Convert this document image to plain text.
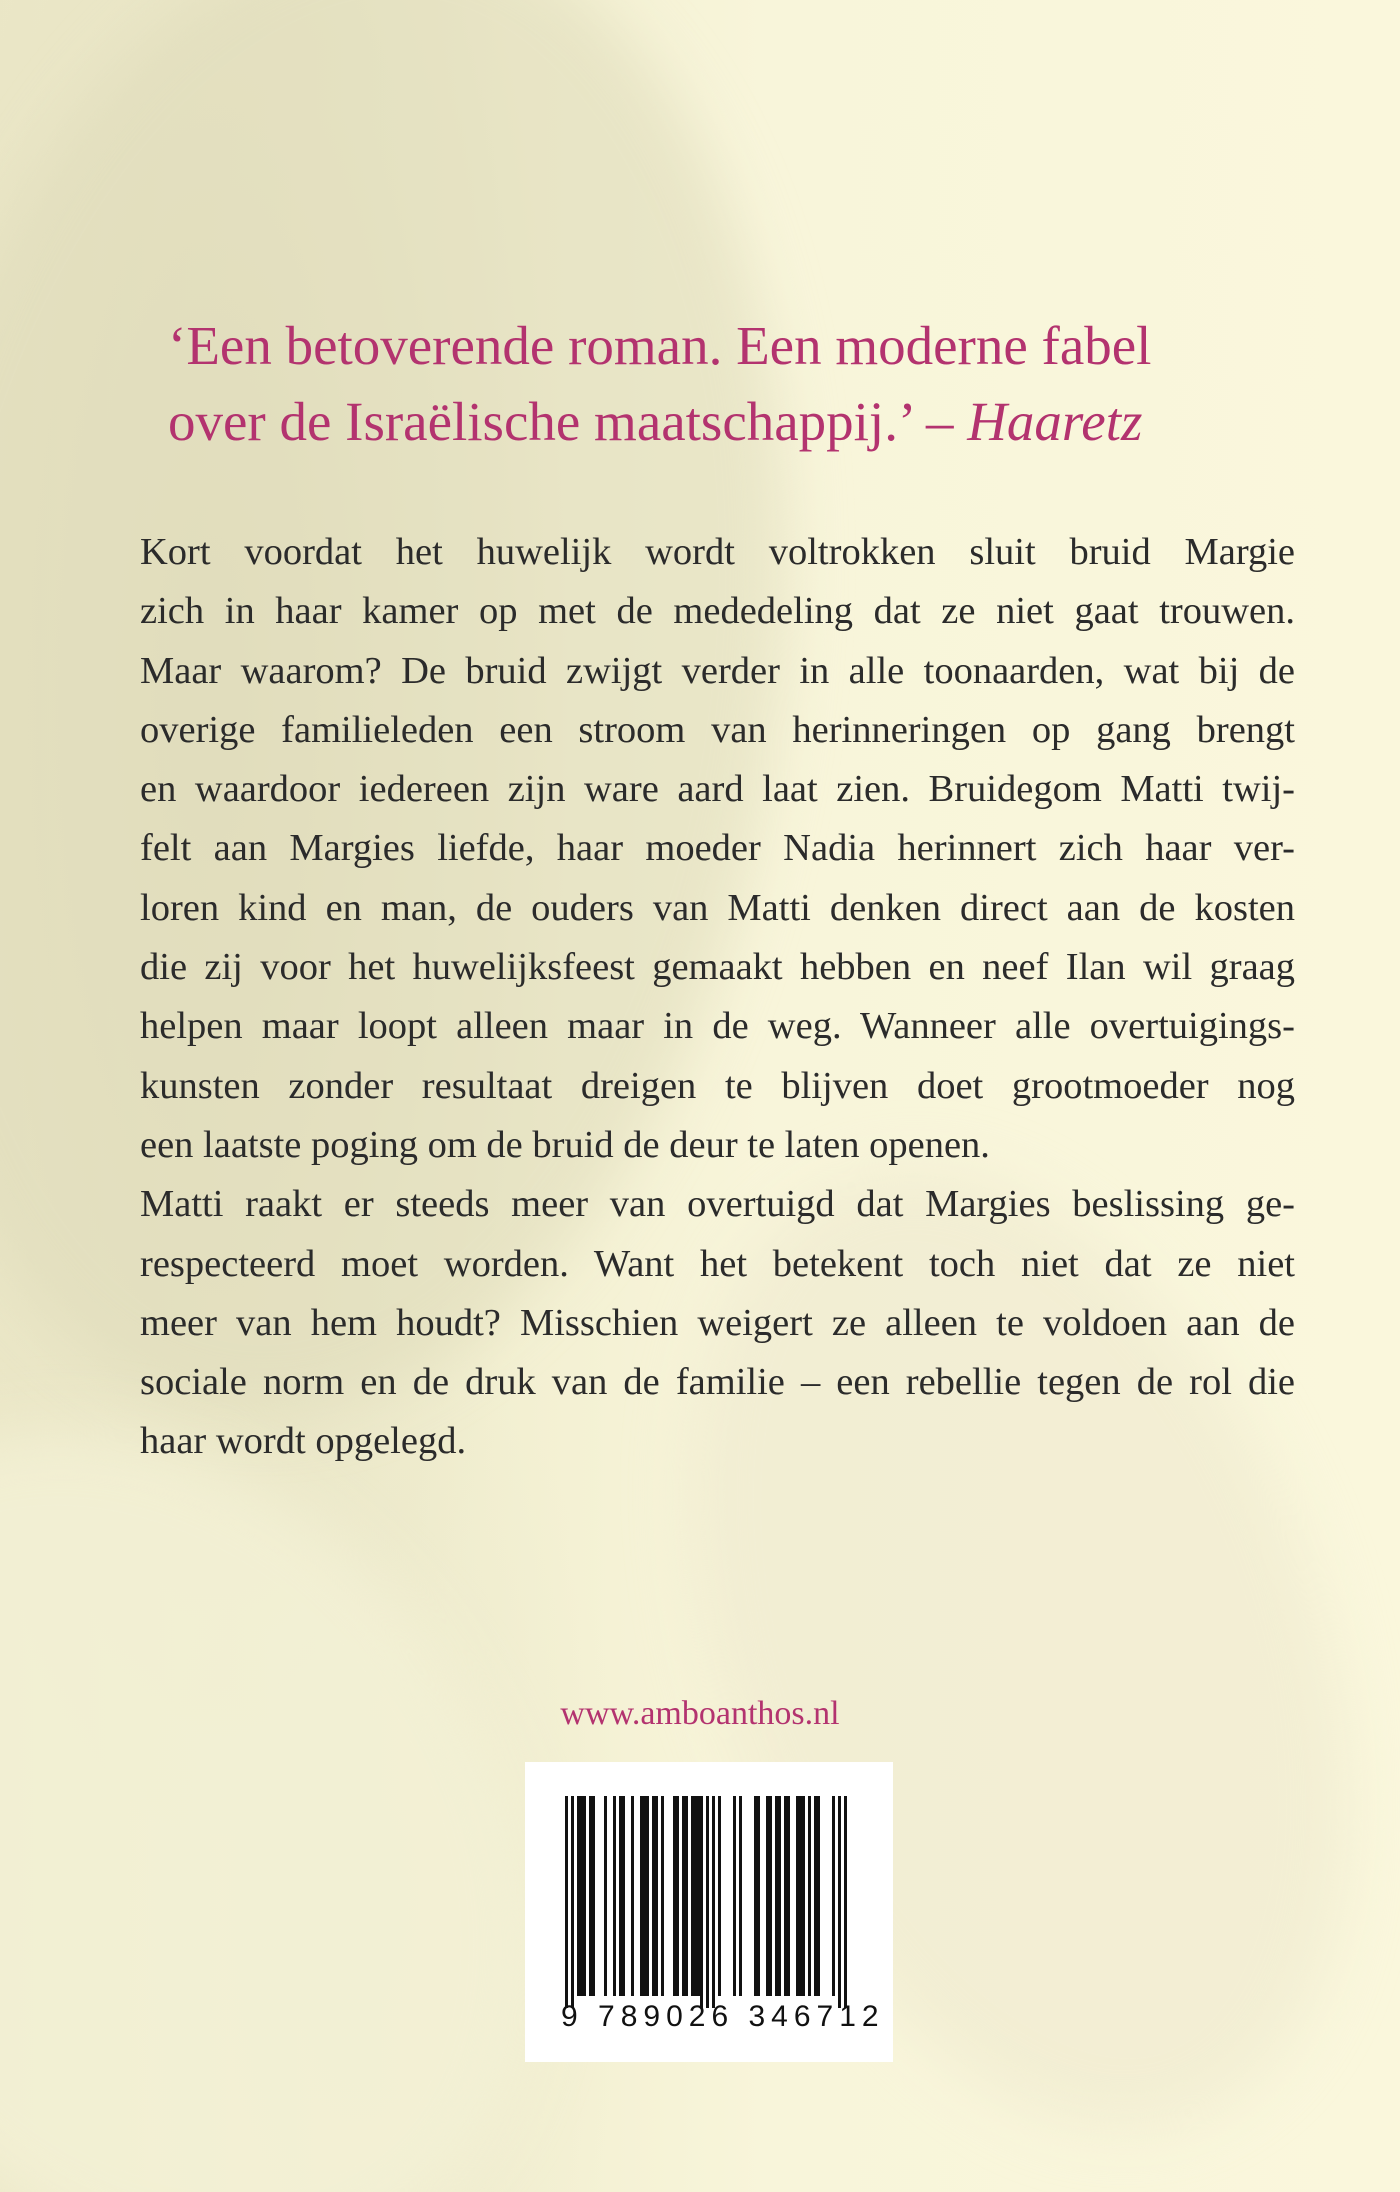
‘Een betoverende roman. Een moderne fabel
over de Israëlische maatschappij.’ – Haaretz

Kort voordat het huwelijk wordt voltrokken sluit bruid Margie
zich in haar kamer op met de mededeling dat ze niet gaat trouwen.
Maar waarom? De bruid zwijgt verder in alle toonaarden, wat bij de
overige familieleden een stroom van herinneringen op gang brengt
en waardoor iedereen zijn ware aard laat zien. Bruidegom Matti twij-
felt aan Margies liefde, haar moeder Nadia herinnert zich haar ver-
loren kind en man, de ouders van Matti denken direct aan de kosten
die zij voor het huwelijksfeest gemaakt hebben en neef Ilan wil graag
helpen maar loopt alleen maar in de weg. Wanneer alle overtuigings-
kunsten zonder resultaat dreigen te blijven doet grootmoeder nog
een laatste poging om de bruid de deur te laten openen.
Matti raakt er steeds meer van overtuigd dat Margies beslissing ge-
respecteerd moet worden. Want het betekent toch niet dat ze niet
meer van hem houdt? Misschien weigert ze alleen te voldoen aan de
sociale norm en de druk van de familie – een rebellie tegen de rol die
haar wordt opgelegd.

www.amboanthos.nl

9 789026 346712
